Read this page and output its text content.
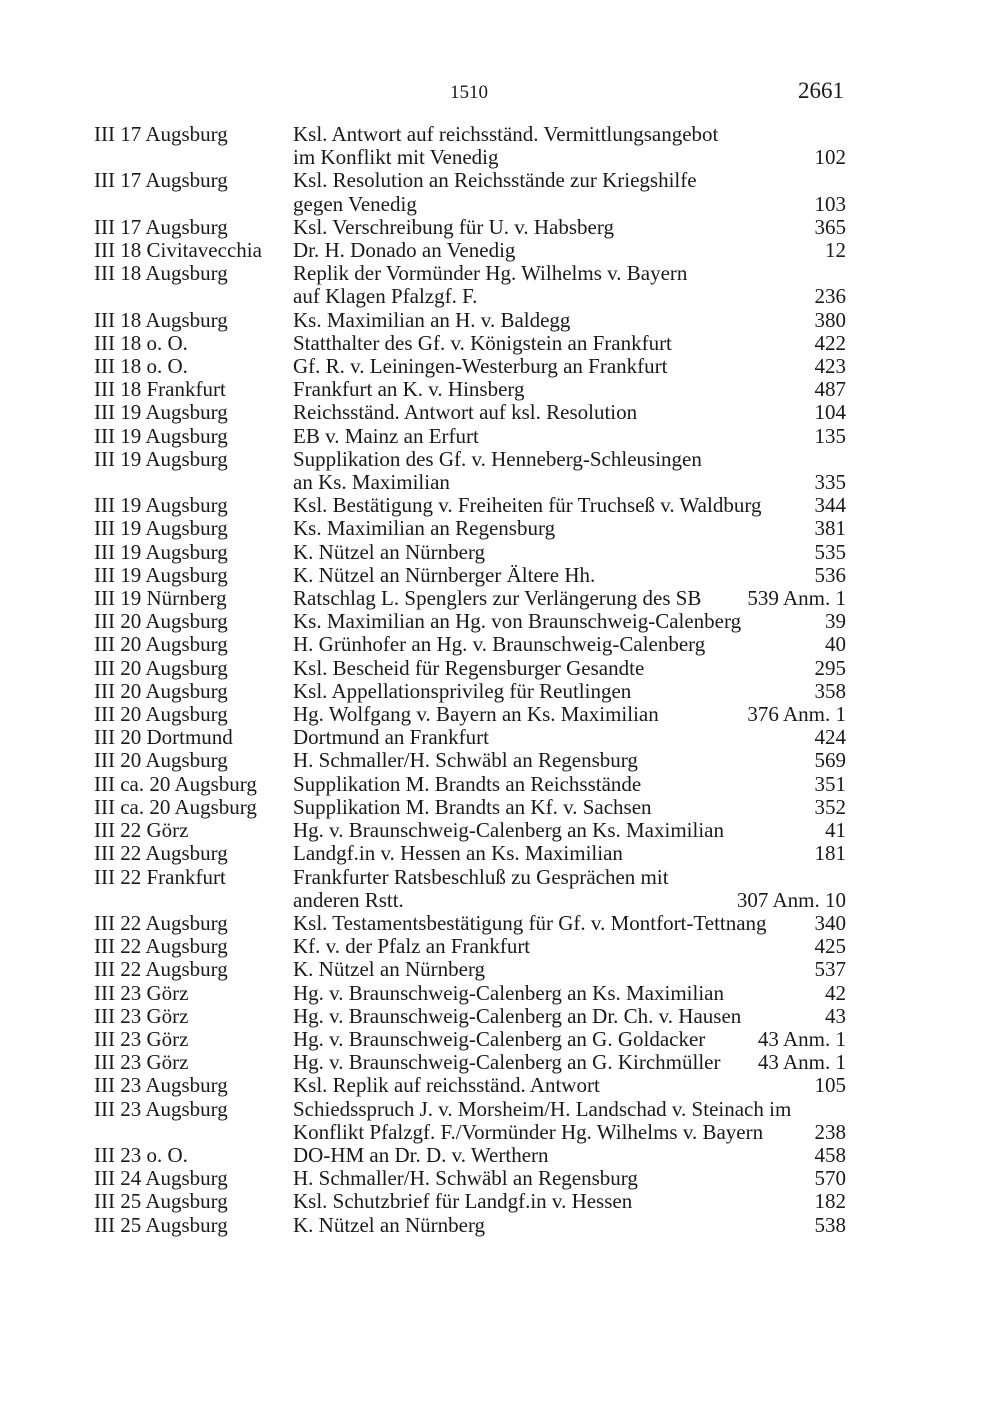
1510	2661
III 17 Augsburg	Ksl. Antwort auf reichsständ. Vermittlungsangebot
im Konflikt mit Venedig	102
III 17 Augsburg	Ksl. Resolution an Reichsstände zur Kriegshilfe
gegen Venedig	103
III 17 Augsburg	Ksl. Verschreibung für U. v. Habsberg	365
III 18 Civitavecchia	Dr. H. Donado an Venedig	12
III 18 Augsburg	Replik der Vormünder Hg. Wilhelms v. Bayern
auf Klagen Pfalzgf. F.	236
III 18 Augsburg	Ks. Maximilian an H. v. Baldegg	380
III 18 o. O.	Statthalter des Gf. v. Königstein an Frankfurt	422
III 18 o. O.	Gf. R. v. Leiningen-Westerburg an Frankfurt	423
III 18 Frankfurt	Frankfurt an K. v. Hinsberg	487
III 19 Augsburg	Reichsständ. Antwort auf ksl. Resolution	104
III 19 Augsburg	EB v. Mainz an Erfurt	135
III 19 Augsburg	Supplikation des Gf. v. Henneberg-Schleusingen
an Ks. Maximilian	335
III 19 Augsburg	Ksl. Bestätigung v. Freiheiten für Truchseß v. Waldburg	344
III 19 Augsburg	Ks. Maximilian an Regensburg	381
III 19 Augsburg	K. Nützel an Nürnberg	535
III 19 Augsburg	K. Nützel an Nürnberger Ältere Hh.	536
III 19 Nürnberg	Ratschlag L. Spenglers zur Verlängerung des SB	539 Anm. 1
III 20 Augsburg	Ks. Maximilian an Hg. von Braunschweig-Calenberg	39
III 20 Augsburg	H. Grünhofer an Hg. v. Braunschweig-Calenberg	40
III 20 Augsburg	Ksl. Bescheid für Regensburger Gesandte	295
III 20 Augsburg	Ksl. Appellationsprivileg für Reutlingen	358
III 20 Augsburg	Hg. Wolfgang v. Bayern an Ks. Maximilian	376 Anm. 1
III 20 Dortmund	Dortmund an Frankfurt	424
III 20 Augsburg	H. Schmaller/H. Schwäbl an Regensburg	569
III ca. 20 Augsburg	Supplikation M. Brandts an Reichsstände	351
III ca. 20 Augsburg	Supplikation M. Brandts an Kf. v. Sachsen	352
III 22 Görz	Hg. v. Braunschweig-Calenberg an Ks. Maximilian	41
III 22 Augsburg	Landgf.in v. Hessen an Ks. Maximilian	181
III 22 Frankfurt	Frankfurter Ratsbeschluß zu Gesprächen mit
anderen Rstt.	307 Anm. 10
III 22 Augsburg	Ksl. Testamentsbestätigung für Gf. v. Montfort-Tettnang	340
III 22 Augsburg	Kf. v. der Pfalz an Frankfurt	425
III 22 Augsburg	K. Nützel an Nürnberg	537
III 23 Görz	Hg. v. Braunschweig-Calenberg an Ks. Maximilian	42
III 23 Görz	Hg. v. Braunschweig-Calenberg an Dr. Ch. v. Hausen	43
III 23 Görz	Hg. v. Braunschweig-Calenberg an G. Goldacker	43 Anm. 1
III 23 Görz	Hg. v. Braunschweig-Calenberg an G. Kirchmüller	43 Anm. 1
III 23 Augsburg	Ksl. Replik auf reichsständ. Antwort	105
III 23 Augsburg	Schiedsspruch J. v. Morsheim/H. Landschad v. Steinach im
Konflikt Pfalzgf. F./Vormünder Hg. Wilhelms v. Bayern	238
III 23 o. O.	DO-HM an Dr. D. v. Werthern	458
III 24 Augsburg	H. Schmaller/H. Schwäbl an Regensburg	570
III 25 Augsburg	Ksl. Schutzbrief für Landgf.in v. Hessen	182
III 25 Augsburg	K. Nützel an Nürnberg	538
